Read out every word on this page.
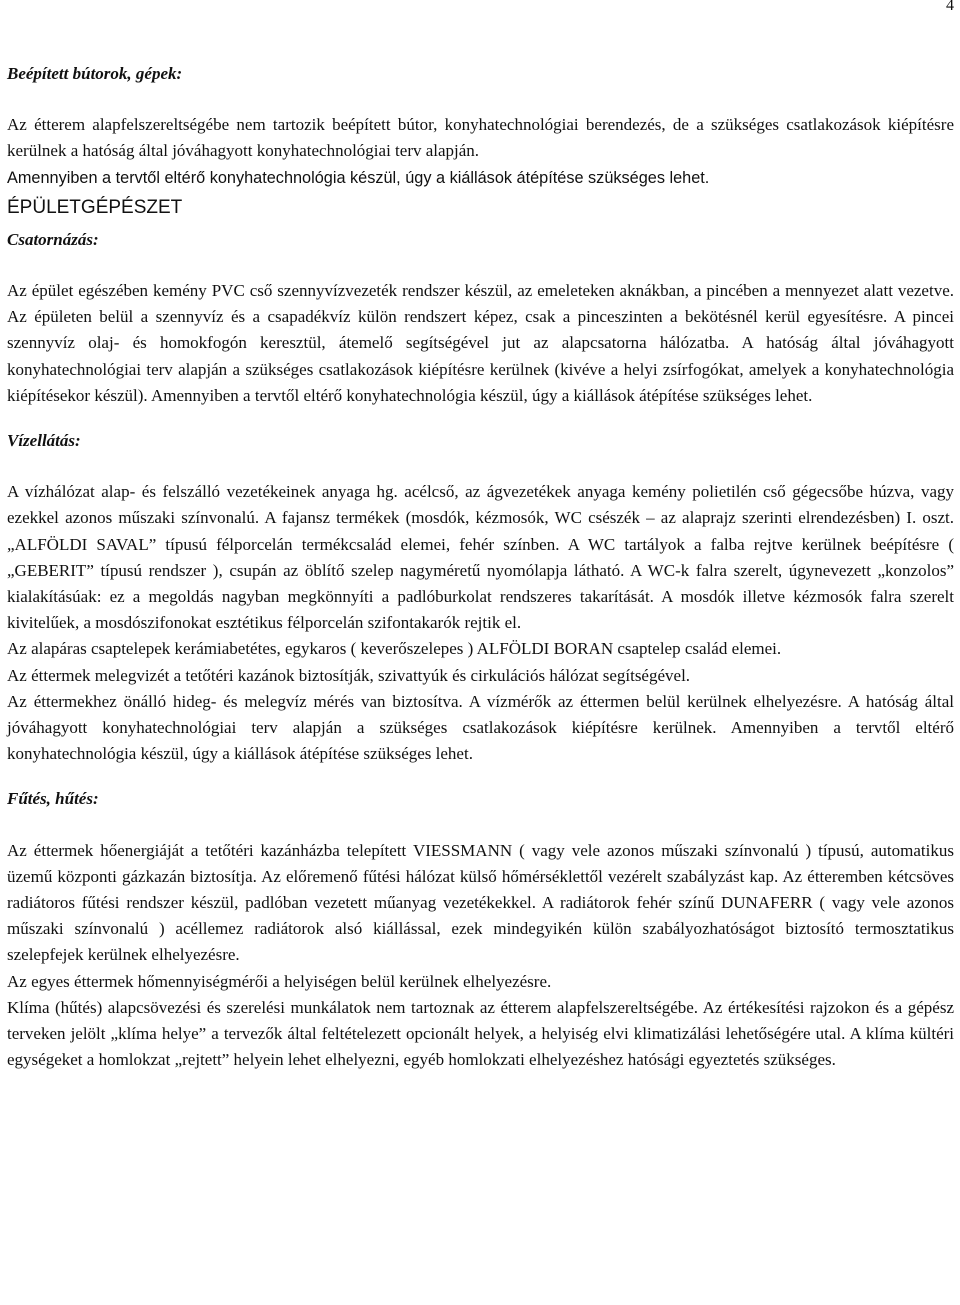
4

Beépített bútorok, gépek:

Az étterem alapfelszereltségébe nem tartozik beépített bútor, konyhatechnológiai berendezés, de a szükséges csatlakozások kiépítésre kerülnek a hatóság által jóváhagyott konyhatechnológiai terv alapján.

Amennyiben a tervtől eltérő konyhatechnológia készül, úgy a kiállások átépítése szükséges lehet.

ÉPÜLETGÉPÉSZET

Csatornázás:

Az épület egészében kemény PVC cső szennyvízvezeték rendszer készül, az emeleteken aknákban, a pincében a mennyezet alatt vezetve. Az épületen belül a szennyvíz és a csapadékvíz külön rendszert képez, csak a pinceszinten a bekötésnél kerül egyesítésre. A pincei szennyvíz olaj- és homokfogón keresztül, átemelő segítségével jut az alapcsatorna hálózatba. A hatóság által jóváhagyott konyhatechnológiai terv alapján a szükséges csatlakozások kiépítésre kerülnek (kivéve a helyi zsírfogókat, amelyek a konyhatechnológia kiépítésekor készül). Amennyiben a tervtől eltérő konyhatechnológia készül, úgy a kiállások átépítése szükséges lehet.

Vízellátás:

A vízhálózat alap- és felszálló vezetékeinek anyaga hg. acélcső, az ágvezetékek anyaga kemény polietilén cső gégecsőbe húzva, vagy ezekkel azonos műszaki színvonalú. A fajansz termékek (mosdók, kézmosók, WC csészék – az alaprajz szerinti elrendezésben) I. oszt. „ALFÖLDI SAVAL” típusú félporcelán termékcsalád elemei, fehér színben. A WC tartályok a falba rejtve kerülnek beépítésre ( „GEBERIT” típusú rendszer ), csupán az öblítő szelep nagyméretű nyomólapja látható. A WC-k falra szerelt, úgynevezett „konzolos” kialakításúak: ez a megoldás nagyban megkönnyíti a padlóburkolat rendszeres takarítását. A mosdók illetve kézmosók falra szerelt kivitelűek, a mosdószifonokat esztétikus félporcelán szifontakarók rejtik el.

Az alapáras csaptelepek kerámiabetétes, egykaros ( keverőszelepes ) ALFÖLDI BORAN csaptelep család elemei.

Az éttermek melegvizét a tetőtéri kazánok biztosítják, szivattyúk és cirkulációs hálózat segítségével.

Az éttermekhez önálló hideg- és melegvíz mérés van biztosítva. A vízmérők az éttermen belül kerülnek elhelyezésre. A hatóság által jóváhagyott konyhatechnológiai terv alapján a szükséges csatlakozások kiépítésre kerülnek. Amennyiben a tervtől eltérő konyhatechnológia készül, úgy a kiállások átépítése szükséges lehet.

Fűtés, hűtés:

Az éttermek hőenergiáját a tetőtéri kazánházba telepített VIESSMANN ( vagy vele azonos műszaki színvonalú ) típusú, automatikus üzemű központi gázkazán biztosítja. Az előremenő fűtési hálózat külső hőmérséklettől vezérelt szabályzást kap. Az étteremben kétcsöves radiátoros fűtési rendszer készül, padlóban vezetett műanyag vezetékekkel. A radiátorok fehér színű DUNAFERR ( vagy vele azonos műszaki színvonalú ) acéllemez radiátorok alsó kiállással, ezek mindegyikén külön szabályozhatóságot biztosító termosztatikus szelepfejek kerülnek elhelyezésre.

Az egyes éttermek hőmennyiségmérői a helyiségen belül kerülnek elhelyezésre.

Klíma (hűtés) alapcsövezési és szerelési munkálatok nem tartoznak az étterem alapfelszereltségébe. Az értékesítési rajzokon és a gépész terveken jelölt „klíma helye” a tervezők által feltételezett opcionált helyek, a helyiség elvi klimatizálási lehetőségére utal. A klíma kültéri egységeket a homlokzat „rejtett” helyein lehet elhelyezni, egyéb homlokzati elhelyezéshez hatósági egyeztetés szükséges.
